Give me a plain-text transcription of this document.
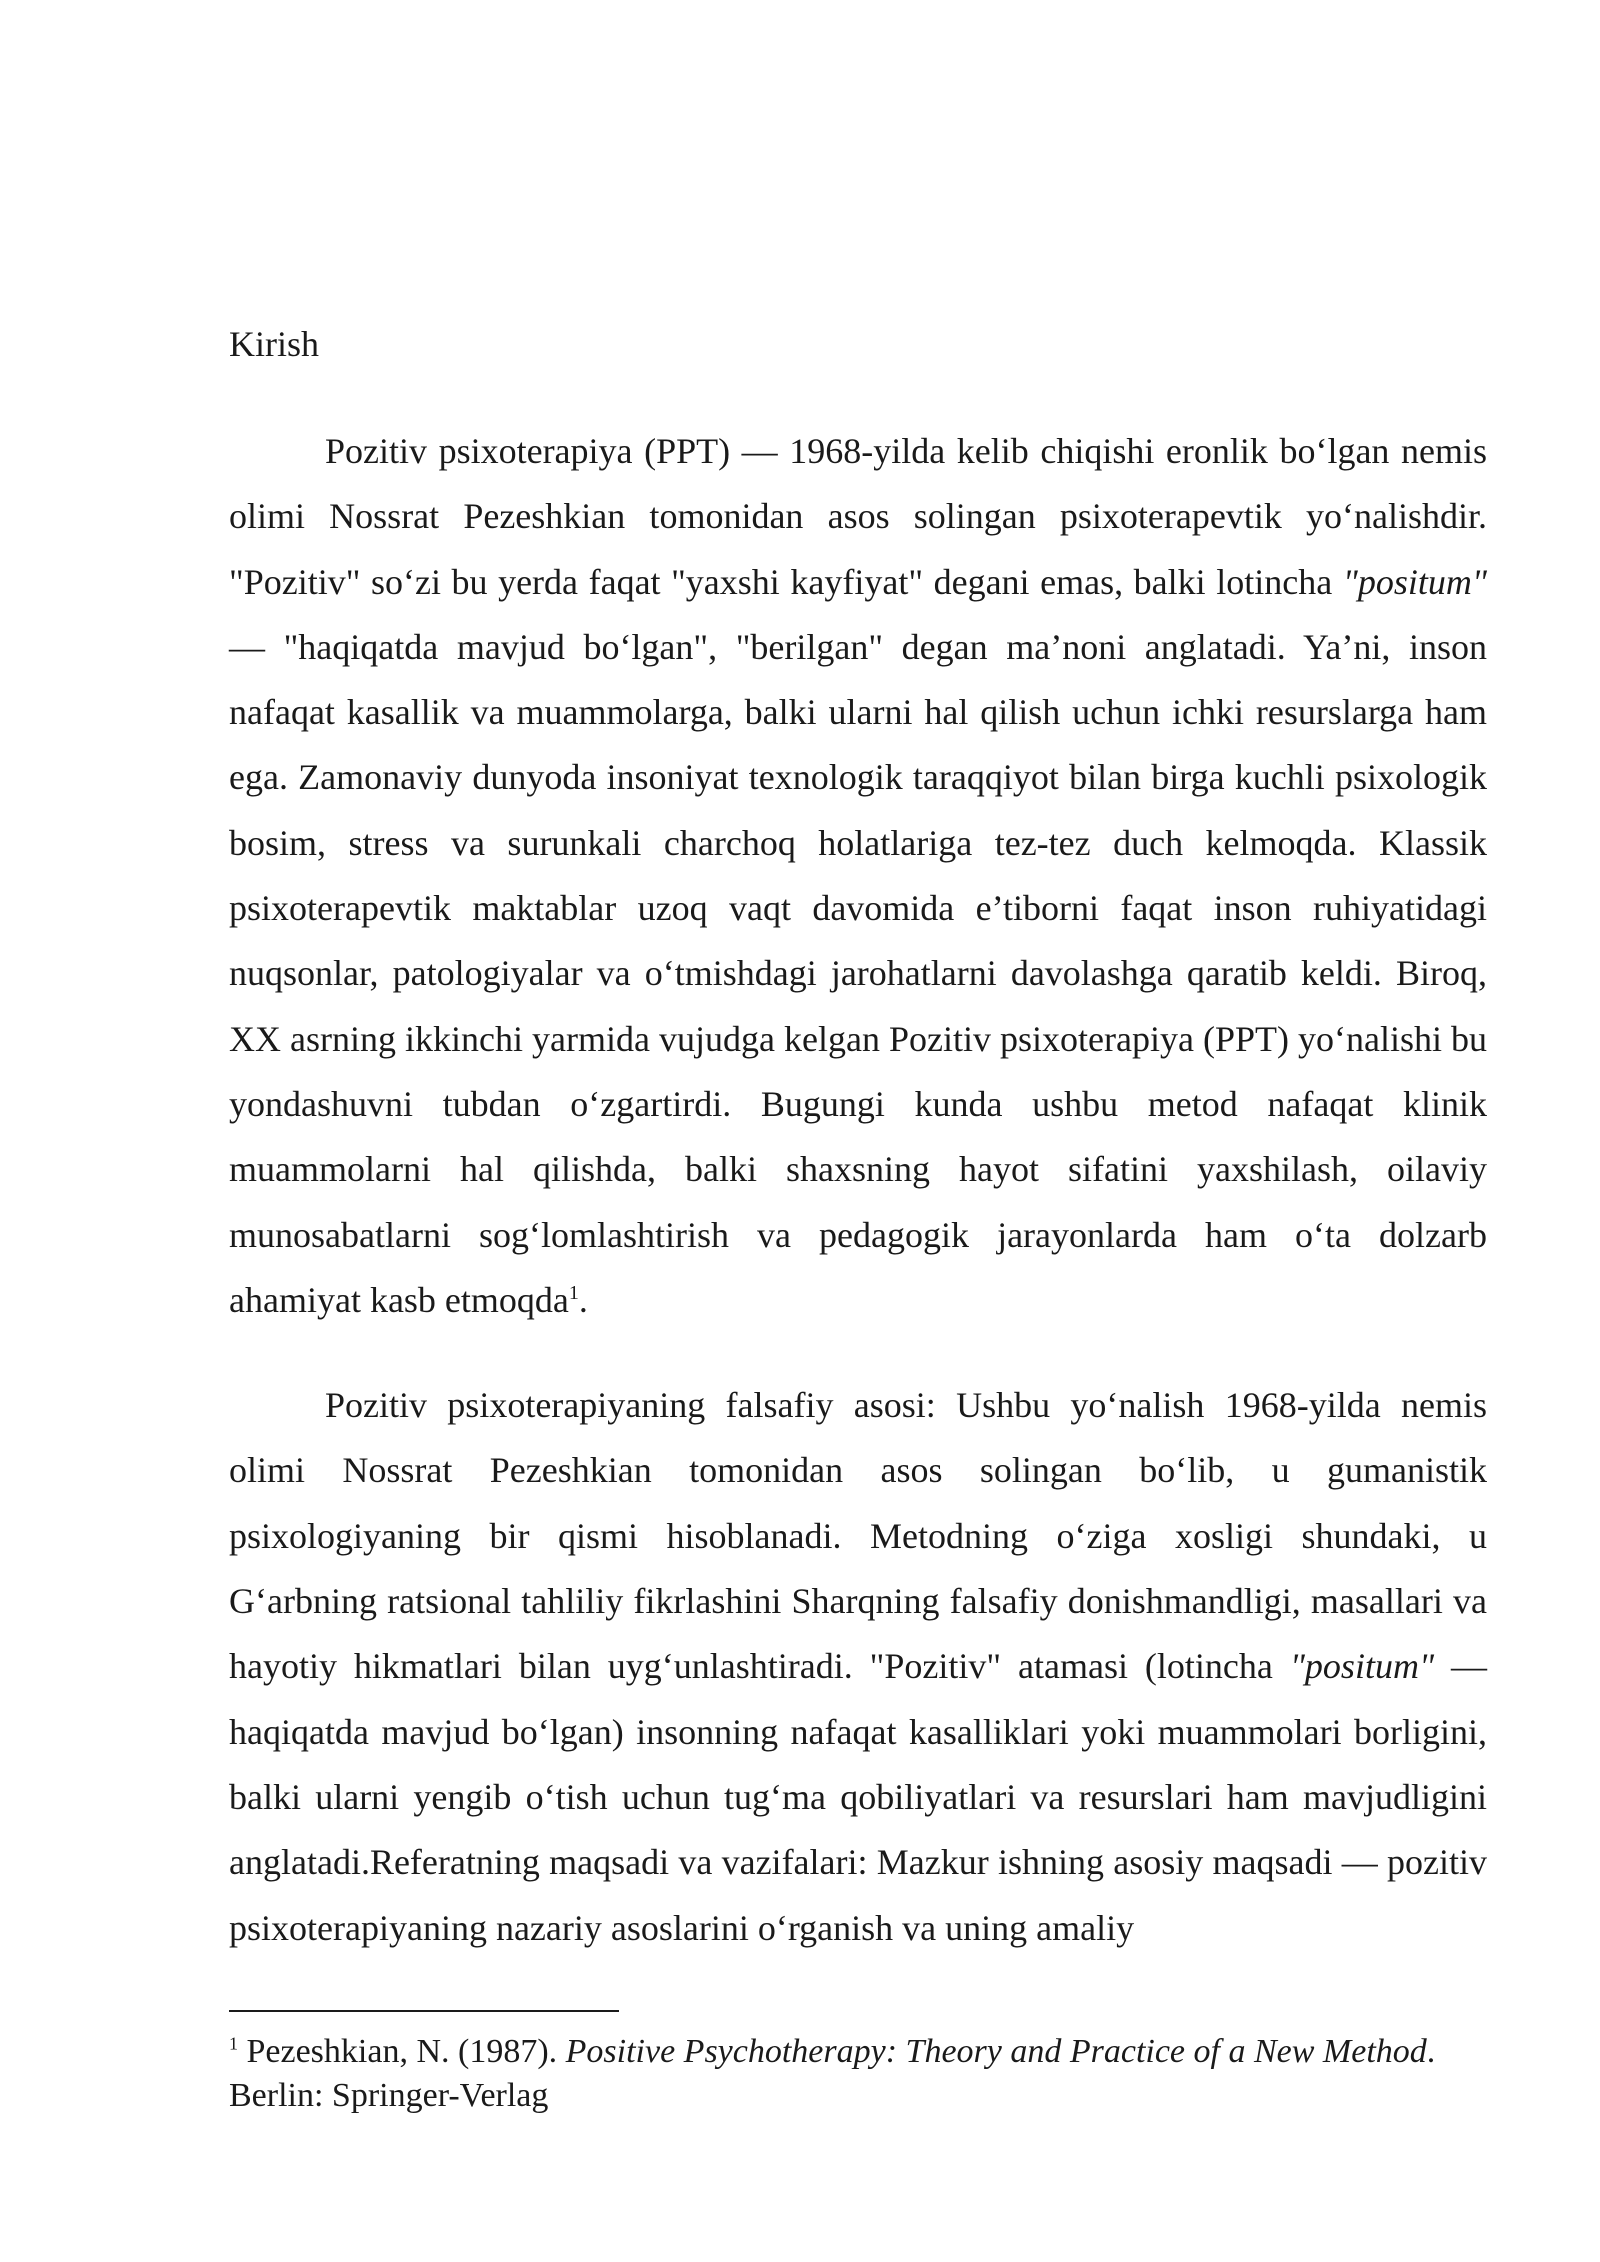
Kirish

Pozitiv psixoterapiya (PPT) — 1968-yilda kelib chiqishi eronlik bo‘lgan nemis olimi Nossrat Pezeshkian tomonidan asos solingan psixoterapevtik yo‘nalishdir. "Pozitiv" so‘zi bu yerda faqat "yaxshi kayfiyat" degani emas, balki lotincha "positum" — "haqiqatda mavjud bo‘lgan", "berilgan" degan ma’noni anglatadi. Ya’ni, inson nafaqat kasallik va muammolarga, balki ularni hal qilish uchun ichki resurslarga ham ega. Zamonaviy dunyoda insoniyat texnologik taraqqiyot bilan birga kuchli psixologik bosim, stress va surunkali charchoq holatlariga tez-tez duch kelmoqda. Klassik psixoterapevtik maktablar uzoq vaqt davomida e’tiborni faqat inson ruhiyatidagi nuqsonlar, patologiyalar va o‘tmishdagi jarohatlarni davolashga qaratib keldi. Biroq, XX asrning ikkinchi yarmida vujudga kelgan Pozitiv psixoterapiya (PPT) yo‘nalishi bu yondashuvni tubdan o‘zgartirdi. Bugungi kunda ushbu metod nafaqat klinik muammolarni hal qilishda, balki shaxsning hayot sifatini yaxshilash, oilaviy munosabatlarni sog‘lomlashtirish va pedagogik jarayonlarda ham o‘ta dolzarb ahamiyat kasb etmoqda$^1$.

Pozitiv psixoterapiyaning falsafiy asosi: Ushbu yo‘nalish 1968-yilda nemis olimi Nossrat Pezeshkian tomonidan asos solingan bo‘lib, u gumanistik psixologiyaning bir qismi hisoblanadi. Metodning o‘ziga xosligi shundaki, u G‘arbning ratsional tahliliy fikrlashini Sharqning falsafiy donishmandligi, masallari va hayotiy hikmatlari bilan uyg‘unlashtiradi. "Pozitiv" atamasi (lotincha "positum" — haqiqatda mavjud bo‘lgan) insonning nafaqat kasalliklari yoki muammolari borligini, balki ularni yengib o‘tish uchun tug‘ma qobiliyatlari va resurslari ham mavjudligini anglatadi.Referatning maqsadi va vazifalari: Mazkur ishning asosiy maqsadi — pozitiv psixoterapiyaning nazariy asoslarini o‘rganish va uning amaliy

$^1$ Pezeshkian, N. (1987). Positive Psychotherapy: Theory and Practice of a New Method. Berlin: Springer-Verlag
